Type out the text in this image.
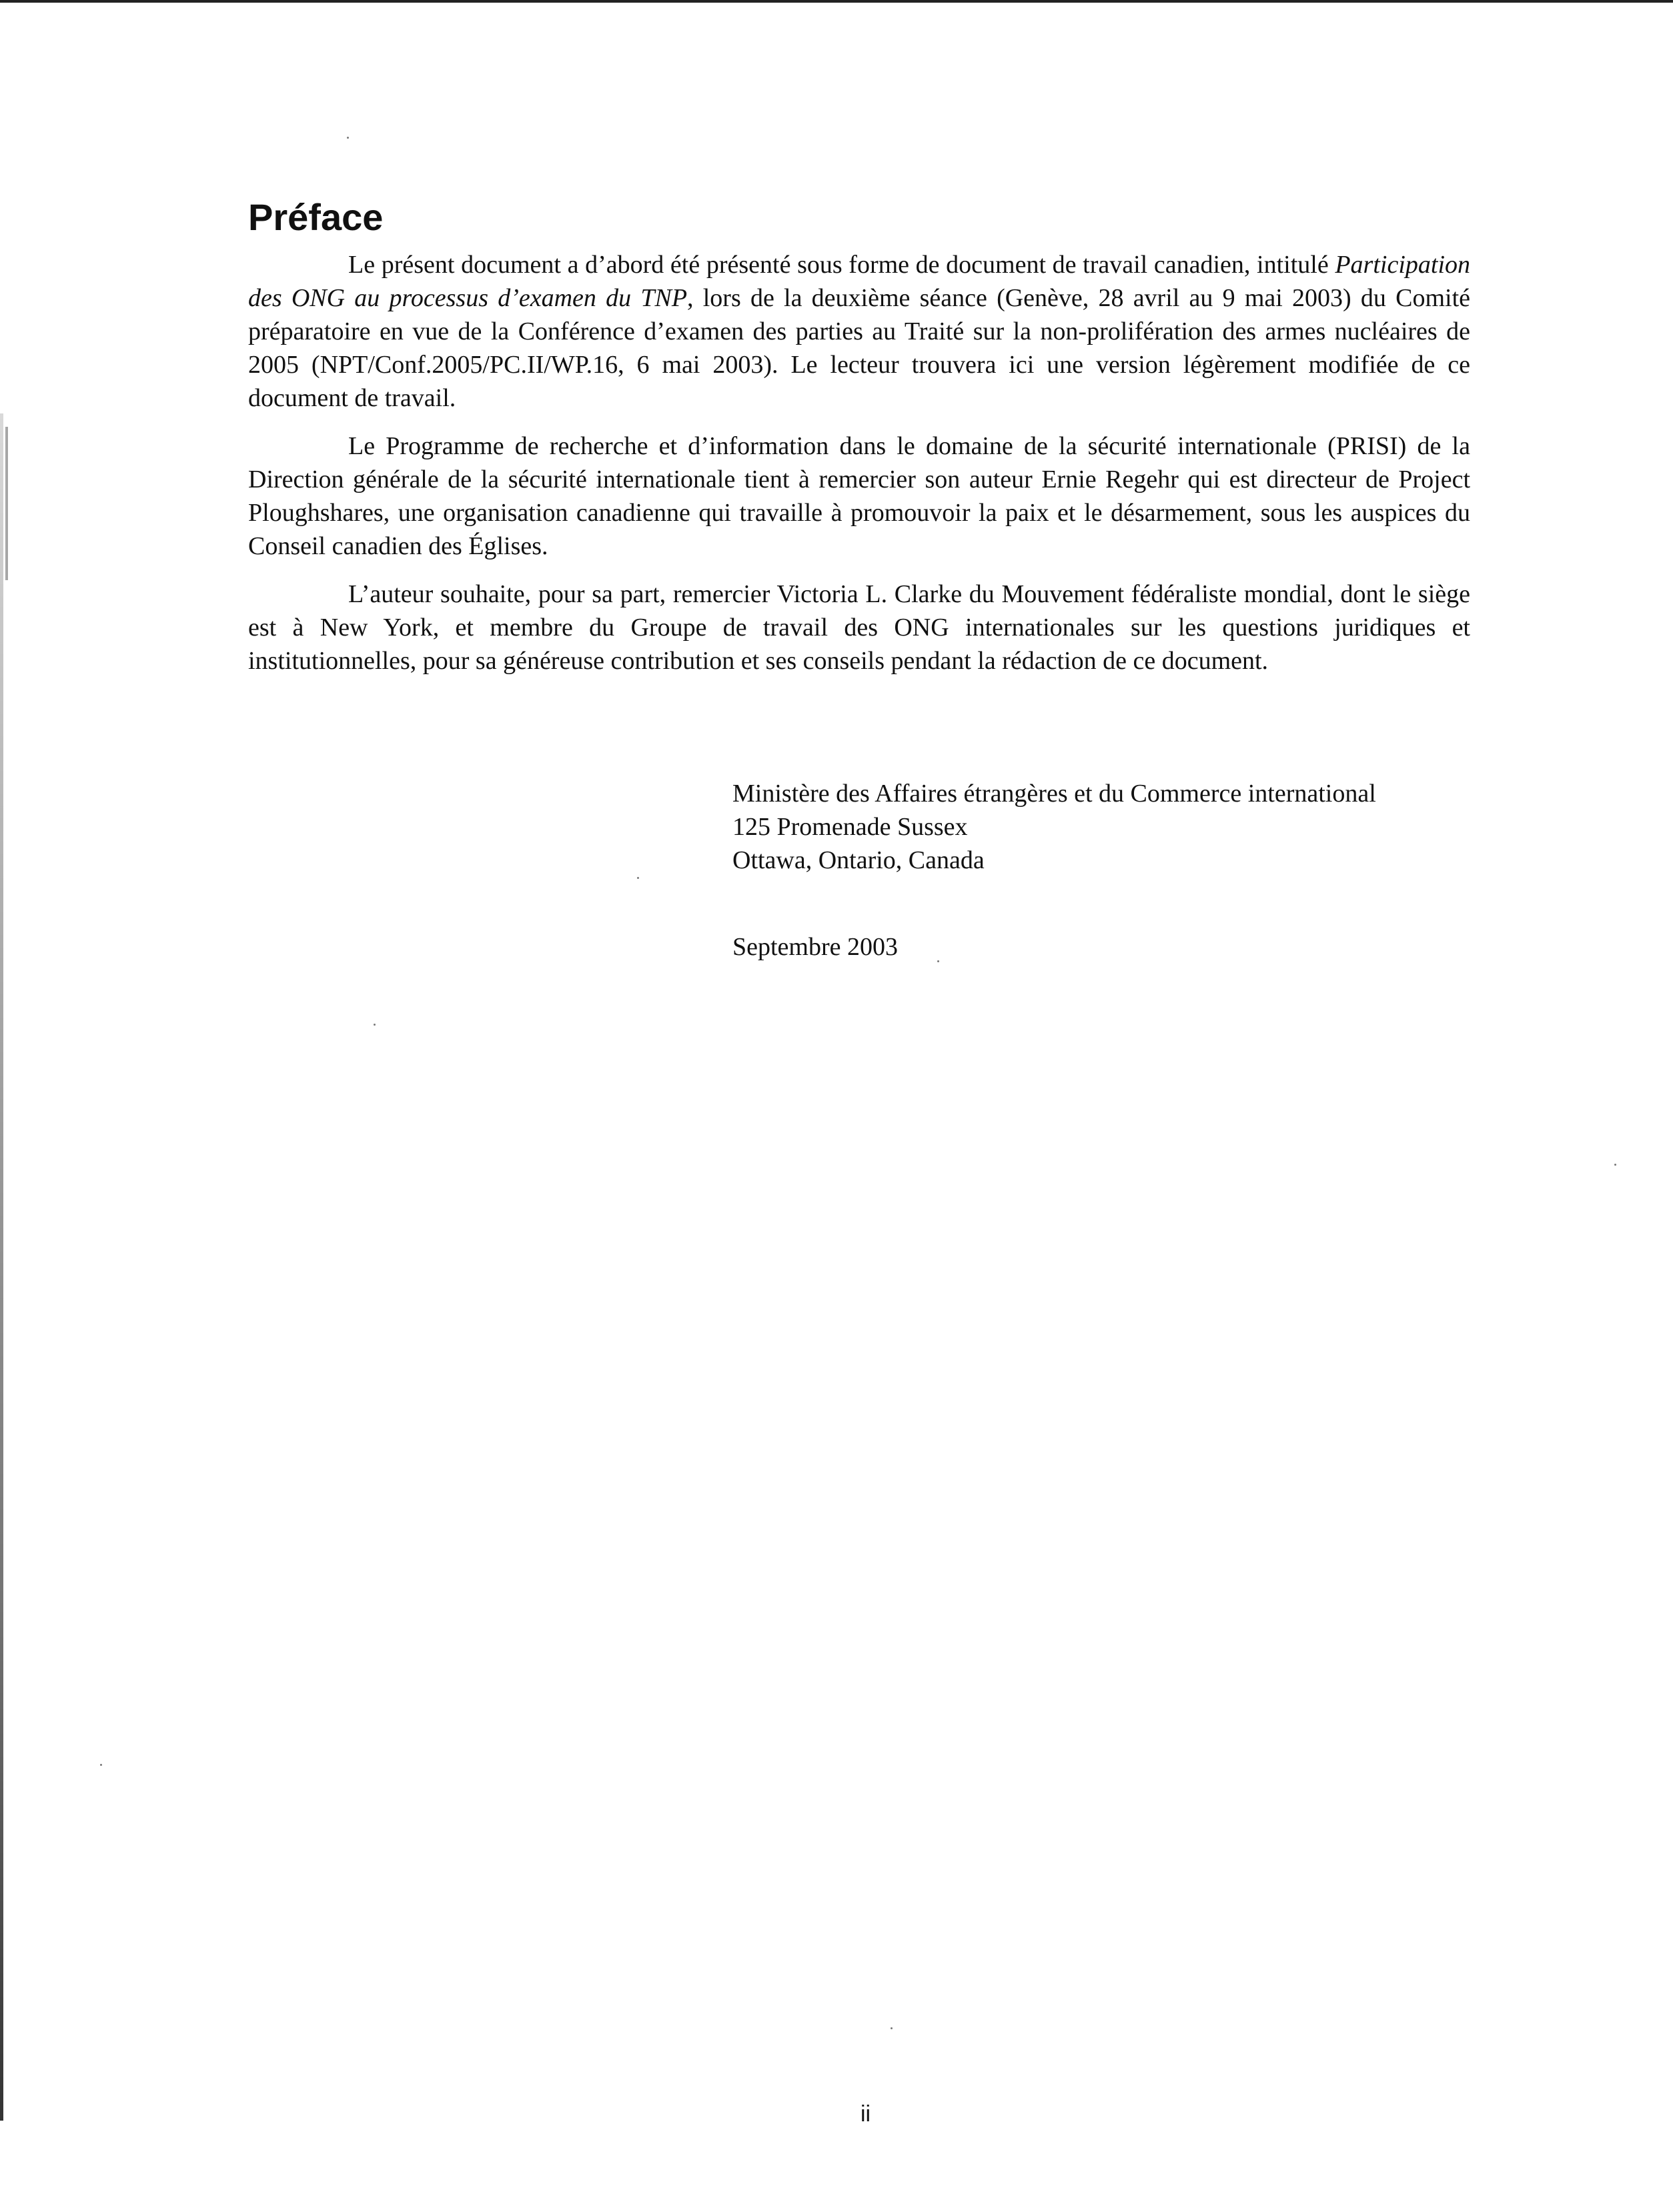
Préface

Le présent document a d’abord été présenté sous forme de document de travail canadien, intitulé Participation des ONG au processus d’examen du TNP, lors de la deuxième séance (Genève, 28 avril au 9 mai 2003) du Comité préparatoire en vue de la Conférence d’examen des parties au Traité sur la non-prolifération des armes nucléaires de 2005 (NPT/Conf.2005/PC.II/WP.16, 6 mai 2003). Le lecteur trouvera ici une version légèrement modifiée de ce document de travail.

Le Programme de recherche et d’information dans le domaine de la sécurité internationale (PRISI) de la Direction générale de la sécurité internationale tient à remercier son auteur Ernie Regehr qui est directeur de Project Ploughshares, une organisation canadienne qui travaille à promouvoir la paix et le désarmement, sous les auspices du Conseil canadien des Églises.

L’auteur souhaite, pour sa part, remercier Victoria L. Clarke du Mouvement fédéraliste mondial, dont le siège est à New York, et membre du Groupe de travail des ONG internationales sur les questions juridiques et institutionnelles, pour sa généreuse contribution et ses conseils pendant la rédaction de ce document.

Ministère des Affaires étrangères et du Commerce international
125 Promenade Sussex
Ottawa, Ontario, Canada
Septembre 2003
ii
